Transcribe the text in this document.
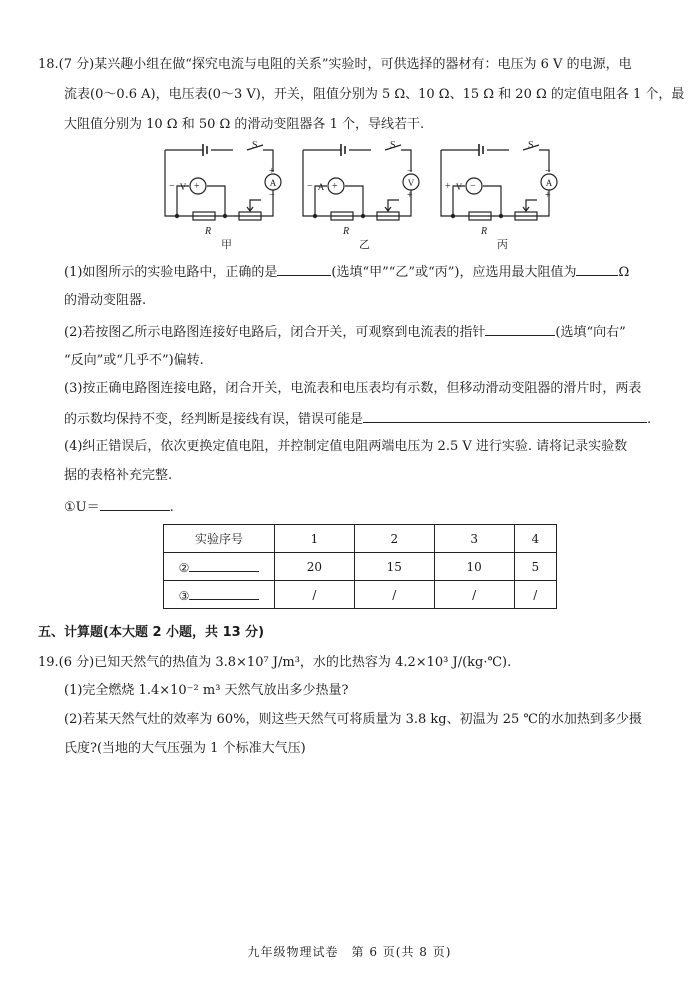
18.(7 分)某兴趣小组在做“探究电流与电阻的关系”实验时，可供选择的器材有：电压为 6 V 的电源，电
流表(0～0.6 A)，电压表(0～3 V)，开关，阻值分别为 5 Ω、10 Ω、15 Ω 和 20 Ω 的定值电阻各 1 个，最
大阻值分别为 10 Ω 和 50 Ω 的滑动变阻器各 1 个，导线若干.
S
+
−
− +
V	A
R
甲
S
−
+
− +
A	V
R
乙
S
−
+
+ −
V	A
R
丙
(1)如图所示的实验电路中，正确的是	(选填“甲”“乙”或“丙”)，应选用最大阻值为	Ω
的滑动变阻器.
(2)若按图乙所示电路图连接好电路后，闭合开关，可观察到电流表的指针	(选填“向右”
“反向”或“几乎不”)偏转.
(3)按正确电路图连接电路，闭合开关，电流表和电压表均有示数，但移动滑动变阻器的滑片时，两表
的示数均保持不变，经判断是接线有误，错误可能是	.
(4)纠正错误后，依次更换定值电阻，并控制定值电阻两端电压为 2.5 V 进行实验. 请将记录实验数
据的表格补充完整.
①U＝	.
实验序号	1	2	3	4
②	20	15	10	5
③	/	/	/	/
五、计算题(本大题 2 小题，共 13 分)
19.(6 分)已知天然气的热值为 3.8×10⁷ J/m³，水的比热容为 4.2×10³ J/(kg·℃).
(1)完全燃烧 1.4×10⁻² m³ 天然气放出多少热量?
(2)若某天然气灶的效率为 60%，则这些天然气可将质量为 3.8 kg、初温为 25 ℃的水加热到多少摄
氏度?(当地的大气压强为 1 个标准大气压)
九年级物理试卷　第 6 页(共 8 页)
